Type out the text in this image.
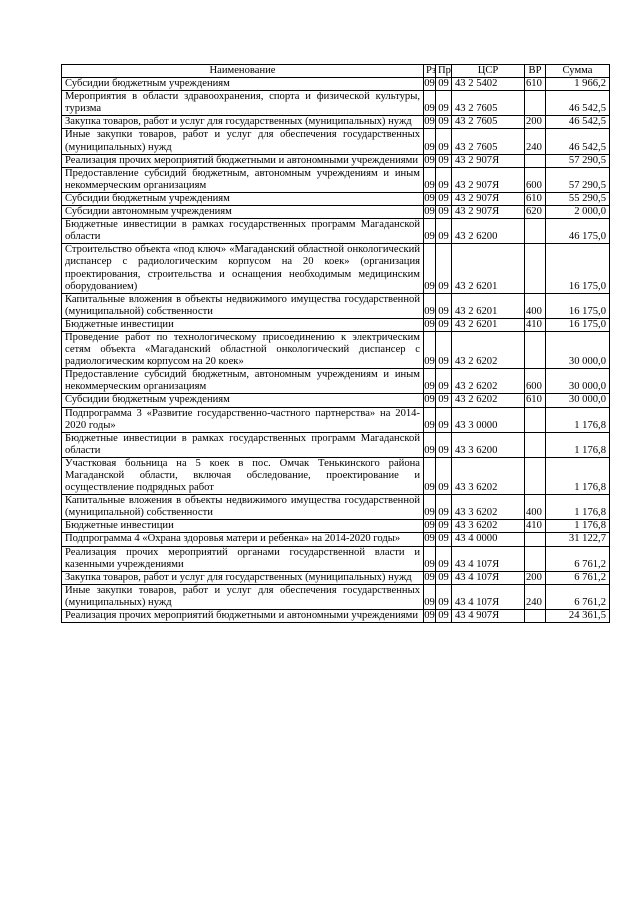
Наименование	Рз	Пр	ЦСР	ВР	Сумма
Субсидии бюджетным учреждениям	09	09	43 2 5402	610	1 966,2
Мероприятия в области здравоохранения, спорта и физической культуры, туризма	09	09	43 2 7605		46 542,5
Закупка товаров, работ и услуг для государственных (муниципальных) нужд	09	09	43 2 7605	200	46 542,5
Иные закупки товаров, работ и услуг для обеспечения государственных (муниципальных) нужд	09	09	43 2 7605	240	46 542,5
Реализация прочих мероприятий бюджетными и автономными учреждениями	09	09	43 2 907Я		57 290,5
Предоставление субсидий бюджетным, автономным учреждениям и иным некоммерческим организациям	09	09	43 2 907Я	600	57 290,5
Субсидии бюджетным учреждениям	09	09	43 2 907Я	610	55 290,5
Субсидии автономным учреждениям	09	09	43 2 907Я	620	2 000,0
Бюджетные инвестиции в рамках государственных программ Магаданской области	09	09	43 2 6200		46 175,0
Строительство объекта «под ключ» «Магаданский областной онкологический диспансер с радиологическим корпусом на 20 коек» (организация проектирования, строительства и оснащения необходимым медицинским оборудованием)	09	09	43 2 6201		16 175,0
Капитальные вложения в объекты недвижимого имущества государственной (муниципальной) собственности	09	09	43 2 6201	400	16 175,0
Бюджетные инвестиции	09	09	43 2 6201	410	16 175,0
Проведение работ по технологическому присоединению к электрическим сетям объекта «Магаданский областной онкологический диспансер с радиологическим корпусом на 20 коек»	09	09	43 2 6202		30 000,0
Предоставление субсидий бюджетным, автономным учреждениям и иным некоммерческим организациям	09	09	43 2 6202	600	30 000,0
Субсидии бюджетным учреждениям	09	09	43 2 6202	610	30 000,0
Подпрограмма 3 «Развитие государственно-частного партнерства» на 2014-2020 годы»	09	09	43 3 0000		1 176,8
Бюджетные инвестиции в рамках государственных программ Магаданской области	09	09	43 3 6200		1 176,8
Участковая больница на 5 коек в пос. Омчак Тенькинского района Магаданской области, включая обследование, проектирование и осуществление подрядных работ	09	09	43 3 6202		1 176,8
Капитальные вложения в объекты недвижимого имущества государственной (муниципальной) собственности	09	09	43 3 6202	400	1 176,8
Бюджетные инвестиции	09	09	43 3 6202	410	1 176,8
Подпрограмма 4 «Охрана здоровья матери и ребенка» на 2014-2020 годы»	09	09	43 4 0000		31 122,7
Реализация прочих мероприятий органами государственной власти и казенными учреждениями	09	09	43 4 107Я		6 761,2
Закупка товаров, работ и услуг для государственных (муниципальных) нужд	09	09	43 4 107Я	200	6 761,2
Иные закупки товаров, работ и услуг для обеспечения государственных (муниципальных) нужд	09	09	43 4 107Я	240	6 761,2
Реализация прочих мероприятий бюджетными и автономными учреждениями	09	09	43 4 907Я		24 361,5
